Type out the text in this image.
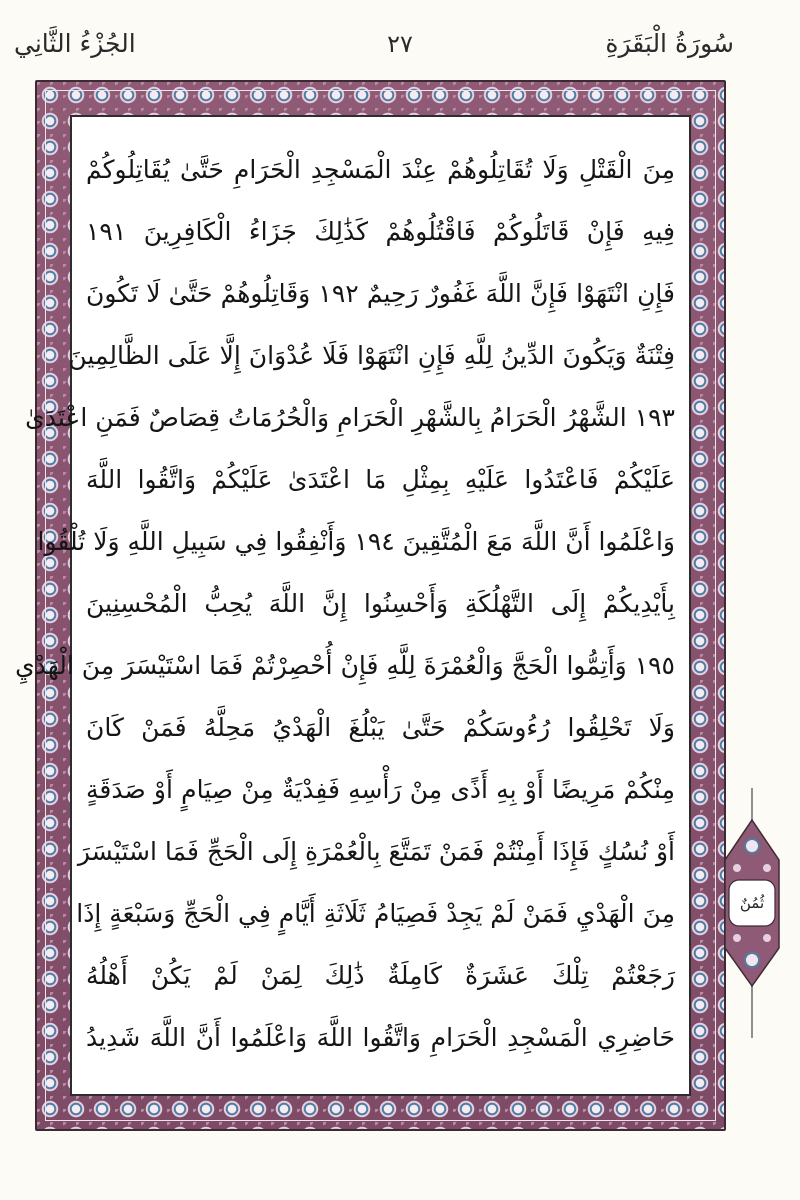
سُورَةُ الْبَقَرَةِ
٢٧
الجُزْءُ الثَّانِي
مِنَ الْقَتْلِ وَلَا تُقَاتِلُوهُمْ عِنْدَ الْمَسْجِدِ الْحَرَامِ حَتَّىٰ يُقَاتِلُوكُمْ
فِيهِ فَإِنْ قَاتَلُوكُمْ فَاقْتُلُوهُمْ كَذَٰلِكَ جَزَاءُ الْكَافِرِينَ ١٩١
فَإِنِ انْتَهَوْا فَإِنَّ اللَّهَ غَفُورٌ رَحِيمٌ ١٩٢ وَقَاتِلُوهُمْ حَتَّىٰ لَا تَكُونَ
فِتْنَةٌ وَيَكُونَ الدِّينُ لِلَّهِ فَإِنِ انْتَهَوْا فَلَا عُدْوَانَ إِلَّا عَلَى الظَّالِمِينَ
١٩٣ الشَّهْرُ الْحَرَامُ بِالشَّهْرِ الْحَرَامِ وَالْحُرُمَاتُ قِصَاصٌ فَمَنِ اعْتَدَىٰ
عَلَيْكُمْ فَاعْتَدُوا عَلَيْهِ بِمِثْلِ مَا اعْتَدَىٰ عَلَيْكُمْ وَاتَّقُوا اللَّهَ
وَاعْلَمُوا أَنَّ اللَّهَ مَعَ الْمُتَّقِينَ ١٩٤ وَأَنْفِقُوا فِي سَبِيلِ اللَّهِ وَلَا تُلْقُوا
بِأَيْدِيكُمْ إِلَى التَّهْلُكَةِ وَأَحْسِنُوا إِنَّ اللَّهَ يُحِبُّ الْمُحْسِنِينَ
١٩٥ وَأَتِمُّوا الْحَجَّ وَالْعُمْرَةَ لِلَّهِ فَإِنْ أُحْصِرْتُمْ فَمَا اسْتَيْسَرَ مِنَ الْهَدْيِ
وَلَا تَحْلِقُوا رُءُوسَكُمْ حَتَّىٰ يَبْلُغَ الْهَدْيُ مَحِلَّهُ فَمَنْ كَانَ
مِنْكُمْ مَرِيضًا أَوْ بِهِ أَذًى مِنْ رَأْسِهِ فَفِدْيَةٌ مِنْ صِيَامٍ أَوْ صَدَقَةٍ
أَوْ نُسُكٍ فَإِذَا أَمِنْتُمْ فَمَنْ تَمَتَّعَ بِالْعُمْرَةِ إِلَى الْحَجِّ فَمَا اسْتَيْسَرَ
مِنَ الْهَدْيِ فَمَنْ لَمْ يَجِدْ فَصِيَامُ ثَلَاثَةِ أَيَّامٍ فِي الْحَجِّ وَسَبْعَةٍ إِذَا
رَجَعْتُمْ تِلْكَ عَشَرَةٌ كَامِلَةٌ ذَٰلِكَ لِمَنْ لَمْ يَكُنْ أَهْلُهُ
حَاضِرِي الْمَسْجِدِ الْحَرَامِ وَاتَّقُوا اللَّهَ وَاعْلَمُوا أَنَّ اللَّهَ شَدِيدُ
ثُمُنٌ
